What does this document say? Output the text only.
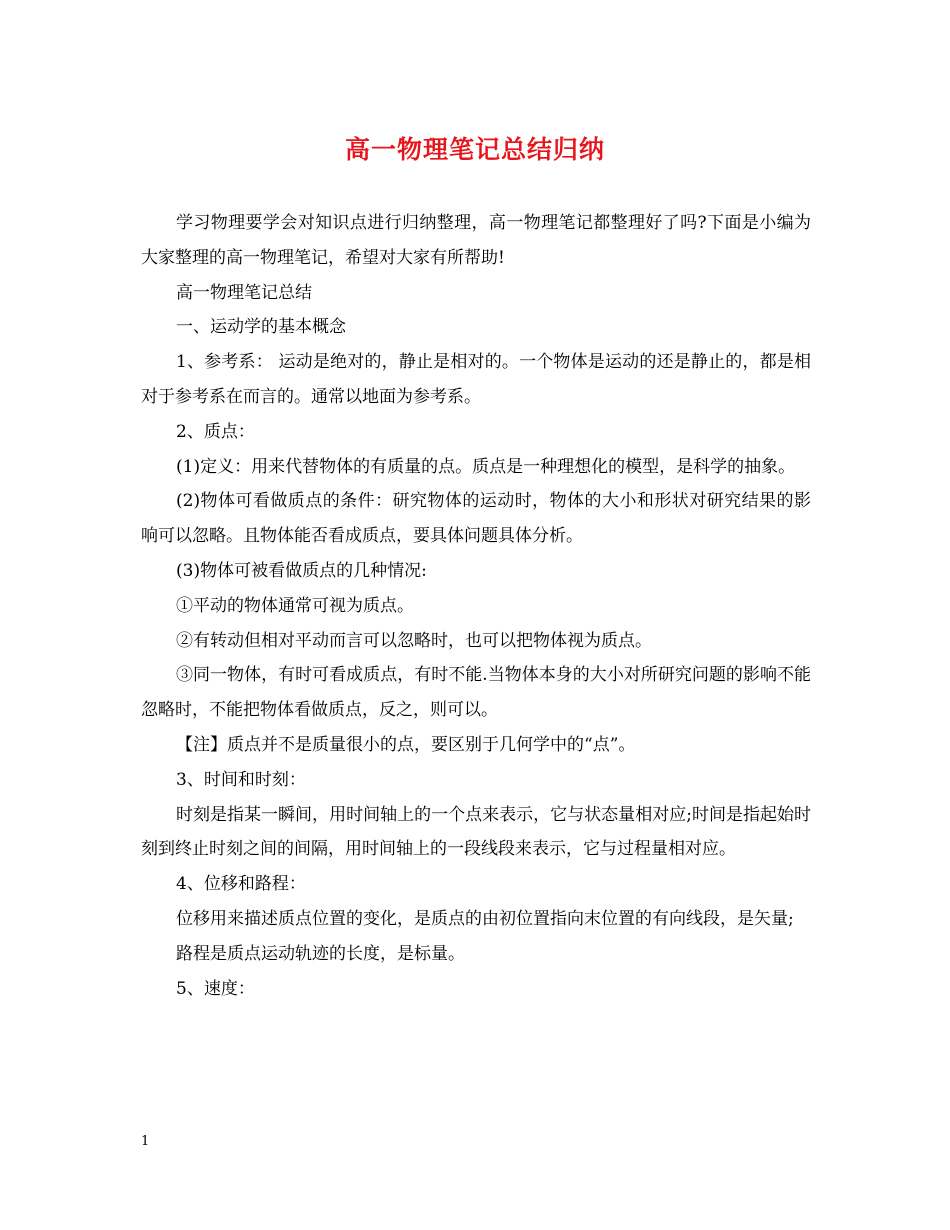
高一物理笔记总结归纳

学习物理要学会对知识点进行归纳整理，高一物理笔记都整理好了吗?下面是小编为大家整理的高一物理笔记，希望对大家有所帮助!

高一物理笔记总结

一、运动学的基本概念

1、参考系： 运动是绝对的，静止是相对的。一个物体是运动的还是静止的，都是相对于参考系在而言的。通常以地面为参考系。

2、质点：

(1)定义：用来代替物体的有质量的点。质点是一种理想化的模型，是科学的抽象。

(2)物体可看做质点的条件：研究物体的运动时，物体的大小和形状对研究结果的影响可以忽略。且物体能否看成质点，要具体问题具体分析。

(3)物体可被看做质点的几种情况:

①平动的物体通常可视为质点。

②有转动但相对平动而言可以忽略时，也可以把物体视为质点。

③同一物体，有时可看成质点，有时不能.当物体本身的大小对所研究问题的影响不能忽略时，不能把物体看做质点，反之，则可以。

【注】质点并不是质量很小的点，要区别于几何学中的“点”。

3、时间和时刻：

时刻是指某一瞬间，用时间轴上的一个点来表示，它与状态量相对应;时间是指起始时刻到终止时刻之间的间隔，用时间轴上的一段线段来表示，它与过程量相对应。

4、位移和路程：

位移用来描述质点位置的变化，是质点的由初位置指向末位置的有向线段，是矢量;

路程是质点运动轨迹的长度，是标量。

5、速度：

1
